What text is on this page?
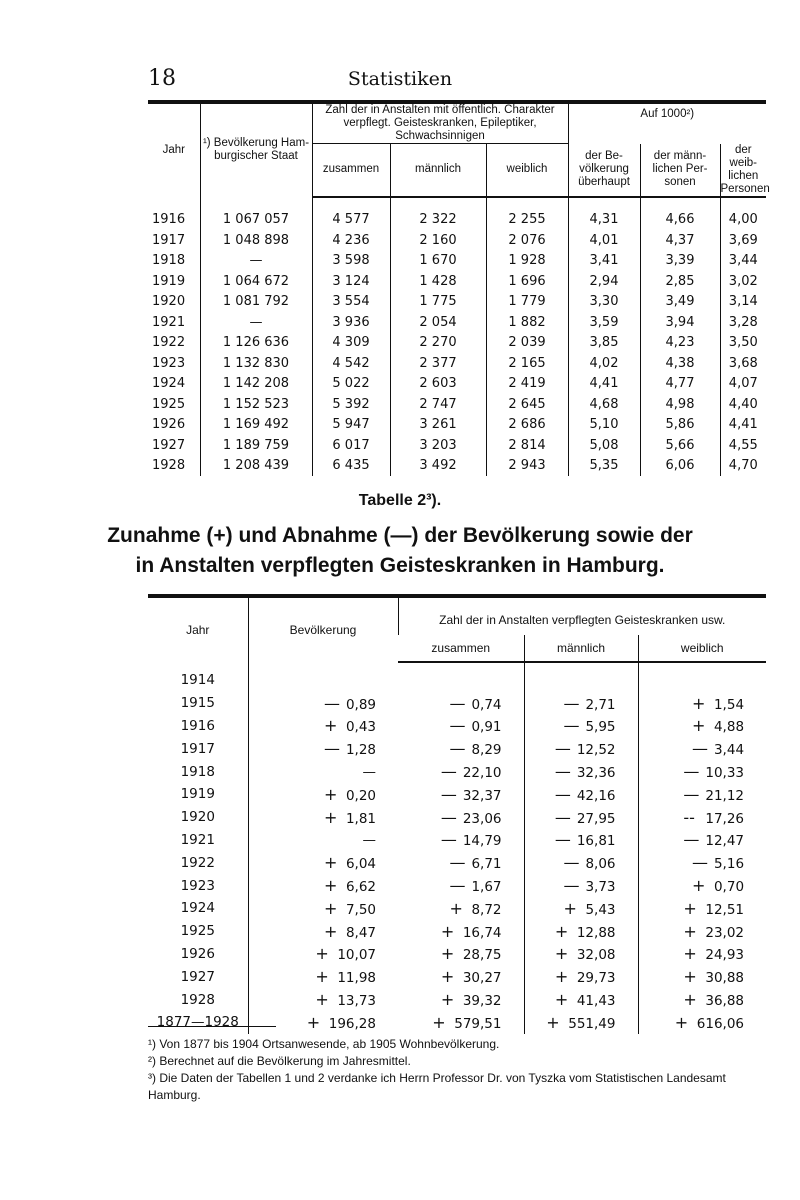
18	Statistiken
Jahr	¹) Bevölkerung Ham-burgischer Staat	Zahl der in Anstalten mit öffentlich. Charakter verpflegt. Geisteskranken, Epileptiker, Schwachsinnigen			Auf 1000²)		
		zusammen	männlich	weiblich	der Be-völkerung überhaupt	der männ-lichen Per-sonen	der weib-lichen Personen
1916	1 067 057	4 577	2 322	2 255	4,31	4,66	4,00
1917	1 048 898	4 236	2 160	2 076	4,01	4,37	3,69
1918	—	3 598	1 670	1 928	3,41	3,39	3,44
1919	1 064 672	3 124	1 428	1 696	2,94	2,85	3,02
1920	1 081 792	3 554	1 775	1 779	3,30	3,49	3,14
1921	—	3 936	2 054	1 882	3,59	3,94	3,28
1922	1 126 636	4 309	2 270	2 039	3,85	4,23	3,50
1923	1 132 830	4 542	2 377	2 165	4,02	4,38	3,68
1924	1 142 208	5 022	2 603	2 419	4,41	4,77	4,07
1925	1 152 523	5 392	2 747	2 645	4,68	4,98	4,40
1926	1 169 492	5 947	3 261	2 686	5,10	5,86	4,41
1927	1 189 759	6 017	3 203	2 814	5,08	5,66	4,55
1928	1 208 439	6 435	3 492	2 943	5,35	6,06	4,70
Tabelle 2³).
Zunahme (+) und Abnahme (—) der Bevölkerung sowie der
in Anstalten verpflegten Geisteskranken in Hamburg.
Jahr	Bevölkerung	Zahl der in Anstalten verpflegten Geisteskranken usw.		
		zusammen	männlich	weiblich
1914				
1915	— 0,89	— 0,74	— 2,71	+ 1,54
1916	+ 0,43	— 0,91	— 5,95	+ 4,88
1917	— 1,28	— 8,29	— 12,52	— 3,44
1918	—	— 22,10	— 32,36	— 10,33
1919	+ 0,20	— 32,37	— 42,16	— 21,12
1920	+ 1,81	— 23,06	— 27,95	-- 17,26
1921	—	— 14,79	— 16,81	— 12,47
1922	+ 6,04	— 6,71	— 8,06	— 5,16
1923	+ 6,62	— 1,67	— 3,73	+ 0,70
1924	+ 7,50	+ 8,72	+ 5,43	+ 12,51
1925	+ 8,47	+ 16,74	+ 12,88	+ 23,02
1926	+ 10,07	+ 28,75	+ 32,08	+ 24,93
1927	+ 11,98	+ 30,27	+ 29,73	+ 30,88
1928	+ 13,73	+ 39,32	+ 41,43	+ 36,88
1877—1928	+ 196,28	+ 579,51	+ 551,49	+ 616,06

¹) Von 1877 bis 1904 Ortsanwesende, ab 1905 Wohnbevölkerung.

²) Berechnet auf die Bevölkerung im Jahresmittel.

³) Die Daten der Tabellen 1 und 2 verdanke ich Herrn Professor Dr. von Tyszka vom Statistischen Landesamt Hamburg.
